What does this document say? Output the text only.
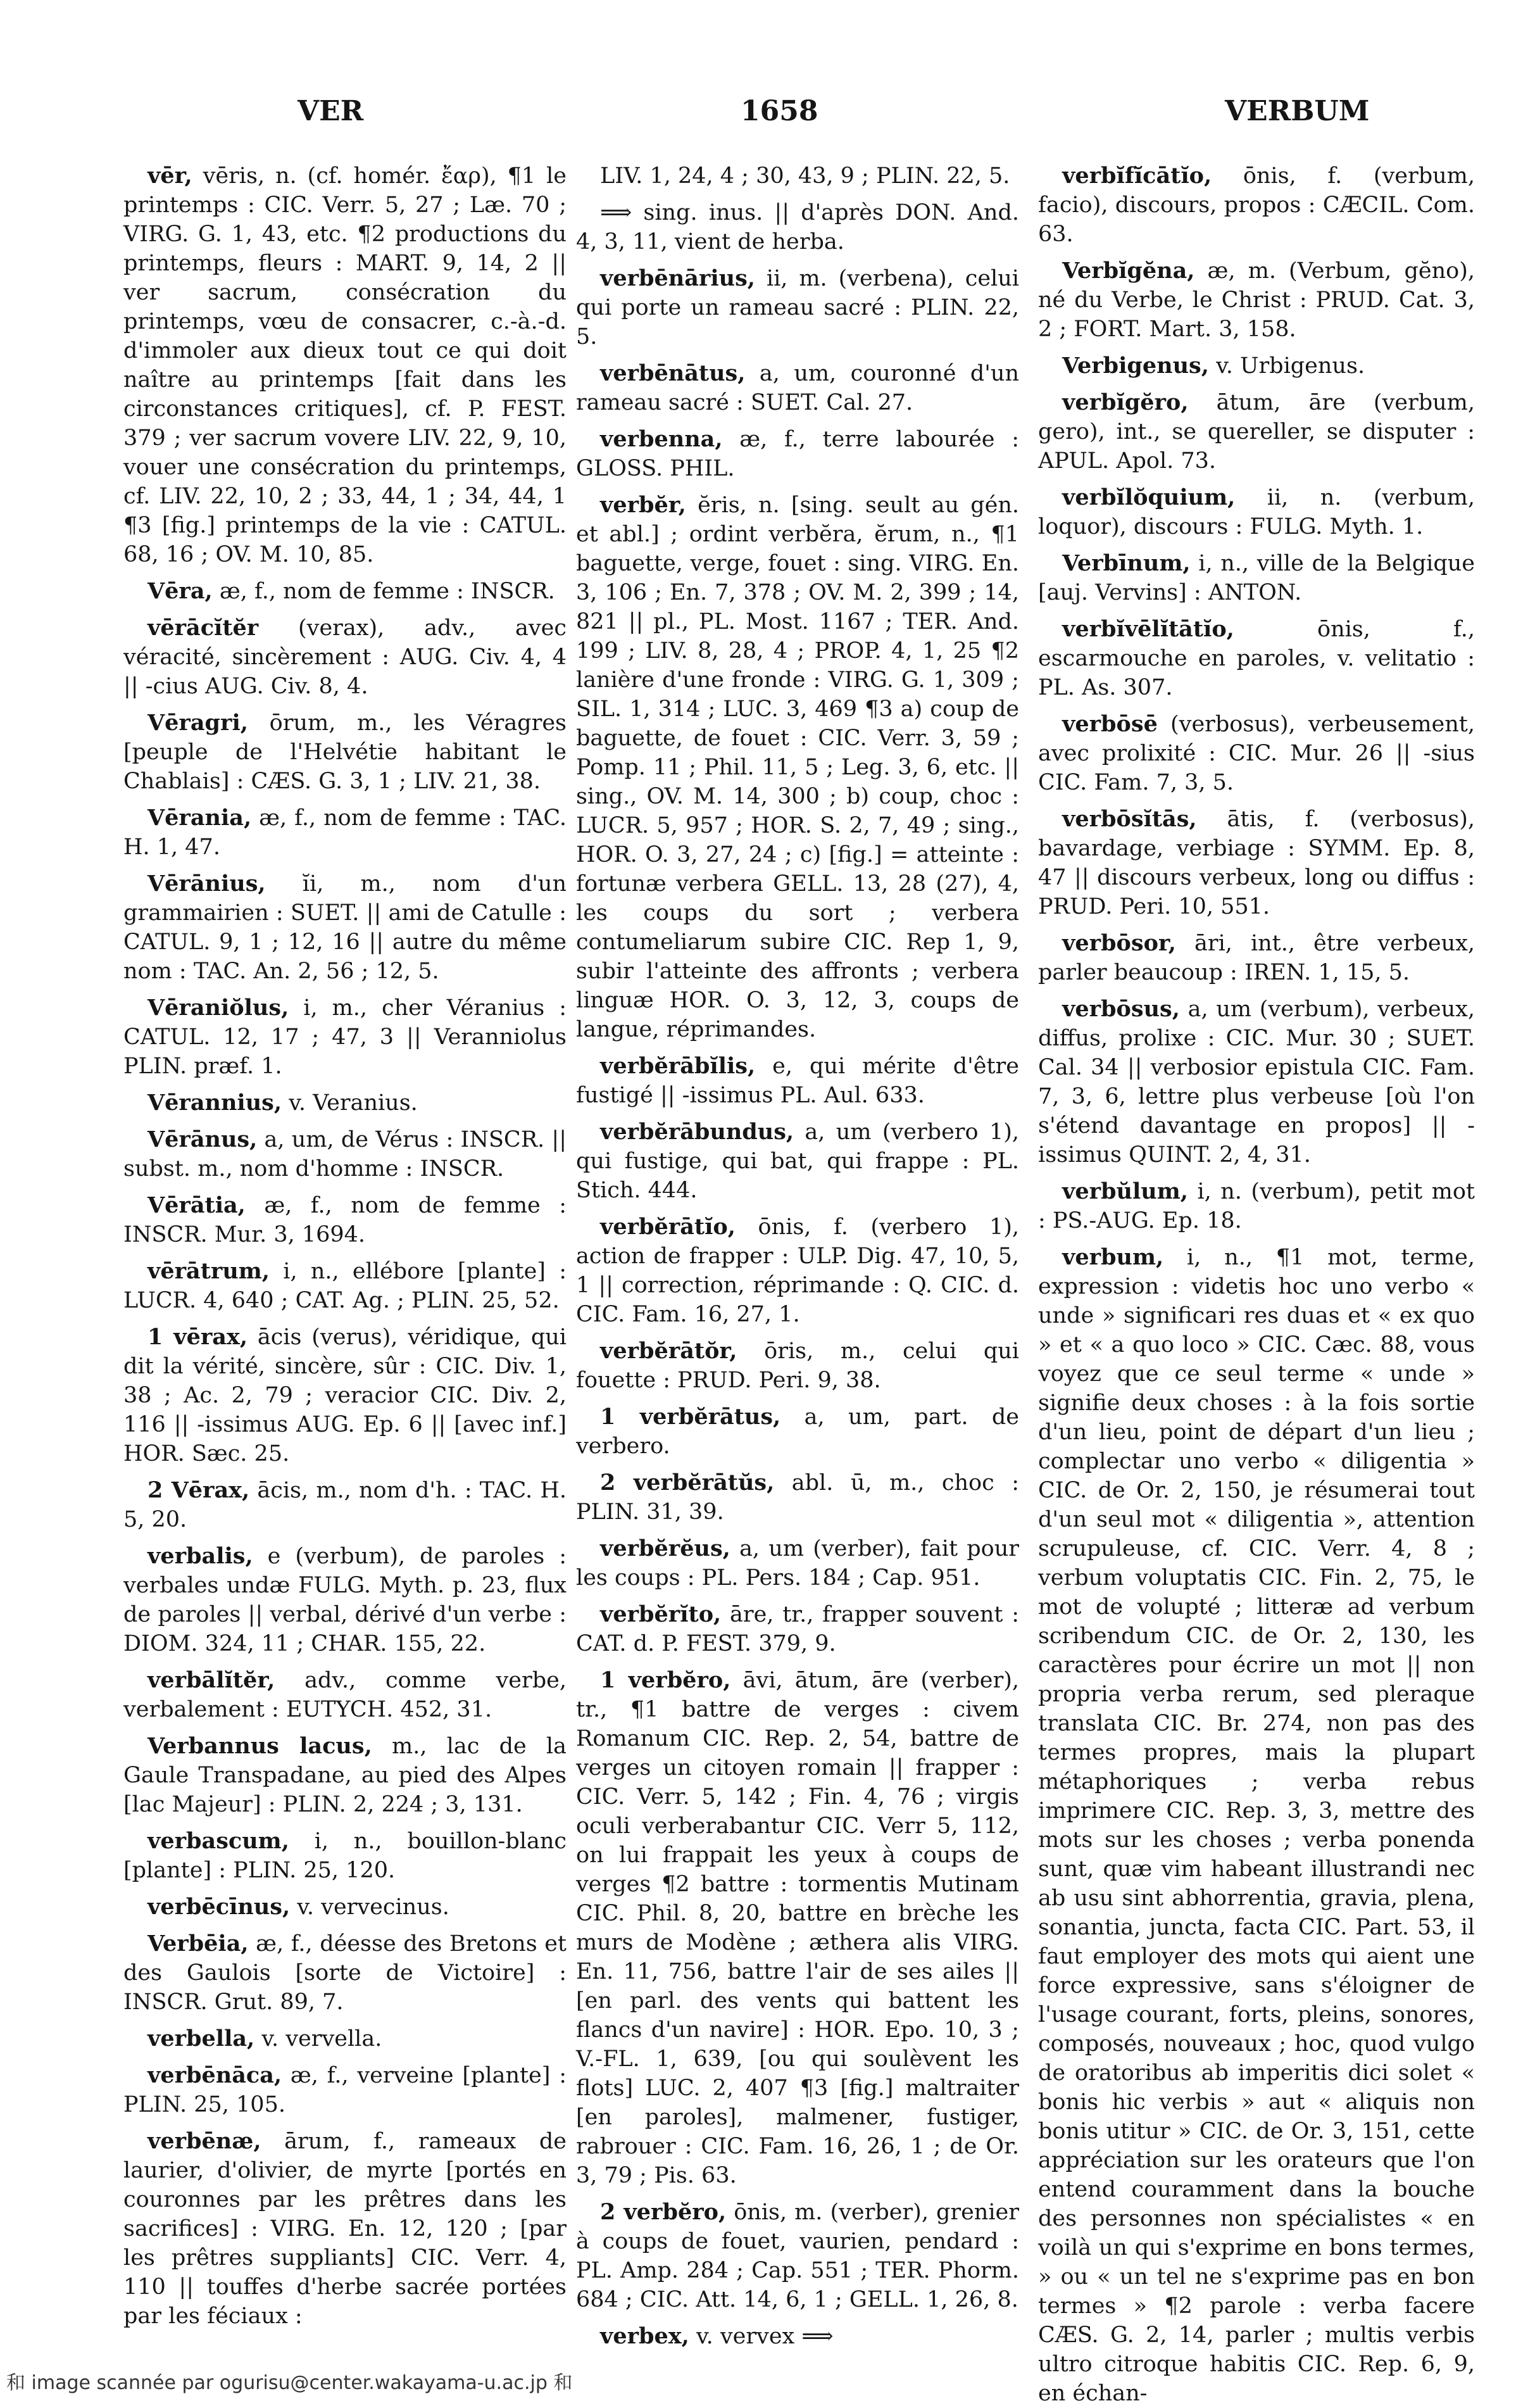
VER	1658	VERBUM

vēr, vēris, n. (cf. homér. ἔαρ), ¶1 le printemps : CIC. Verr. 5, 27 ; Læ. 70 ; VIRG. G. 1, 43, etc. ¶2 productions du printemps, fleurs : MART. 9, 14, 2 || ver sacrum, consécration du printemps, vœu de consacrer, c.-à.-d. d'immoler aux dieux tout ce qui doit naître au printemps [fait dans les circonstances critiques], cf. P. FEST. 379 ; ver sacrum vovere LIV. 22, 9, 10, vouer une consécration du printemps, cf. LIV. 22, 10, 2 ; 33, 44, 1 ; 34, 44, 1 ¶3 [fig.] printemps de la vie : CATUL. 68, 16 ; OV. M. 10, 85.

Vēra, æ, f., nom de femme : INSCR.

vērācĭtĕr (verax), adv., avec véracité, sincèrement : AUG. Civ. 4, 4 || -cius AUG. Civ. 8, 4.

Vēragri, ōrum, m., les Véragres [peuple de l'Helvétie habitant le Chablais] : CÆS. G. 3, 1 ; LIV. 21, 38.

Vērania, æ, f., nom de femme : TAC. H. 1, 47.

Vērānius, ĭi, m., nom d'un grammairien : SUET. || ami de Catulle : CATUL. 9, 1 ; 12, 16 || autre du même nom : TAC. An. 2, 56 ; 12, 5.

Vēraniŏlus, i, m., cher Véranius : CATUL. 12, 17 ; 47, 3 || Veranniolus PLIN. præf. 1.

Vērannius, v. Veranius.

Vērānus, a, um, de Vérus : INSCR. || subst. m., nom d'homme : INSCR.

Vērātia, æ, f., nom de femme : INSCR. Mur. 3, 1694.

vērātrum, i, n., ellébore [plante] : LUCR. 4, 640 ; CAT. Ag. ; PLIN. 25, 52.

1 vērax, ācis (verus), véridique, qui dit la vérité, sincère, sûr : CIC. Div. 1, 38 ; Ac. 2, 79 ; veracior CIC. Div. 2, 116 || -issimus AUG. Ep. 6 || [avec inf.] HOR. Sæc. 25.

2 Vērax, ācis, m., nom d'h. : TAC. H. 5, 20.

verbalis, e (verbum), de paroles : verbales undæ FULG. Myth. p. 23, flux de paroles || verbal, dérivé d'un verbe : DIOM. 324, 11 ; CHAR. 155, 22.

verbālĭtĕr, adv., comme verbe, verbalement : EUTYCH. 452, 31.

Verbannus lacus, m., lac de la Gaule Transpadane, au pied des Alpes [lac Majeur] : PLIN. 2, 224 ; 3, 131.

verbascum, i, n., bouillon-blanc [plante] : PLIN. 25, 120.

verbēcīnus, v. vervecinus.

Verbēia, æ, f., déesse des Bretons et des Gaulois [sorte de Victoire] : INSCR. Grut. 89, 7.

verbella, v. vervella.

verbēnāca, æ, f., verveine [plante] : PLIN. 25, 105.

verbēnæ, ārum, f., rameaux de laurier, d'olivier, de myrte [portés en couronnes par les prêtres dans les sacrifices] : VIRG. En. 12, 120 ; [par les prêtres suppliants] CIC. Verr. 4, 110 || touffes d'herbe sacrée portées par les féciaux :

LIV. 1, 24, 4 ; 30, 43, 9 ; PLIN. 22, 5.

⟹ sing. inus. || d'après DON. And. 4, 3, 11, vient de herba.

verbēnārius, ii, m. (verbena), celui qui porte un rameau sacré : PLIN. 22, 5.

verbēnātus, a, um, couronné d'un rameau sacré : SUET. Cal. 27.

verbenna, æ, f., terre labourée : GLOSS. PHIL.

verbĕr, ĕris, n. [sing. seult au gén. et abl.] ; ordint verbĕra, ĕrum, n., ¶1 baguette, verge, fouet : sing. VIRG. En. 3, 106 ; En. 7, 378 ; OV. M. 2, 399 ; 14, 821 || pl., PL. Most. 1167 ; TER. And. 199 ; LIV. 8, 28, 4 ; PROP. 4, 1, 25 ¶2 lanière d'une fronde : VIRG. G. 1, 309 ; SIL. 1, 314 ; LUC. 3, 469 ¶3 a) coup de baguette, de fouet : CIC. Verr. 3, 59 ; Pomp. 11 ; Phil. 11, 5 ; Leg. 3, 6, etc. || sing., OV. M. 14, 300 ; b) coup, choc : LUCR. 5, 957 ; HOR. S. 2, 7, 49 ; sing., HOR. O. 3, 27, 24 ; c) [fig.] = atteinte : fortunæ verbera GELL. 13, 28 (27), 4, les coups du sort ; verbera contumeliarum subire CIC. Rep 1, 9, subir l'atteinte des affronts ; verbera linguæ HOR. O. 3, 12, 3, coups de langue, réprimandes.

verbĕrābĭlis, e, qui mérite d'être fustigé || -issimus PL. Aul. 633.

verbĕrābundus, a, um (verbero 1), qui fustige, qui bat, qui frappe : PL. Stich. 444.

verbĕrātĭo, ōnis, f. (verbero 1), action de frapper : ULP. Dig. 47, 10, 5, 1 || correction, réprimande : Q. CIC. d. CIC. Fam. 16, 27, 1.

verbĕrātŏr, ōris, m., celui qui fouette : PRUD. Peri. 9, 38.

1 verbĕrātus, a, um, part. de verbero.

2 verbĕrātŭs, abl. ū, m., choc : PLIN. 31, 39.

verbĕrĕus, a, um (verber), fait pour les coups : PL. Pers. 184 ; Cap. 951.

verbĕrĭto, āre, tr., frapper souvent : CAT. d. P. FEST. 379, 9.

1 verbĕro, āvi, ātum, āre (verber), tr., ¶1 battre de verges : civem Romanum CIC. Rep. 2, 54, battre de verges un citoyen romain || frapper : CIC. Verr. 5, 142 ; Fin. 4, 76 ; virgis oculi verberabantur CIC. Verr 5, 112, on lui frappait les yeux à coups de verges ¶2 battre : tormentis Mutinam CIC. Phil. 8, 20, battre en brèche les murs de Modène ; æthera alis VIRG. En. 11, 756, battre l'air de ses ailes || [en parl. des vents qui battent les flancs d'un navire] : HOR. Epo. 10, 3 ; V.-FL. 1, 639, [ou qui soulèvent les flots] LUC. 2, 407 ¶3 [fig.] maltraiter [en paroles], malmener, fustiger, rabrouer : CIC. Fam. 16, 26, 1 ; de Or. 3, 79 ; Pis. 63.

2 verbĕro, ōnis, m. (verber), grenier à coups de fouet, vaurien, pendard : PL. Amp. 284 ; Cap. 551 ; TER. Phorm. 684 ; CIC. Att. 14, 6, 1 ; GELL. 1, 26, 8.

verbex, v. vervex ⟹

verbĭfĭcātĭo, ōnis, f. (verbum, facio), discours, propos : CÆCIL. Com. 63.

Verbĭgĕna, æ, m. (Verbum, gĕno), né du Verbe, le Christ : PRUD. Cat. 3, 2 ; FORT. Mart. 3, 158.

Verbigenus, v. Urbigenus.

verbĭgĕro, ātum, āre (verbum, gero), int., se quereller, se disputer : APUL. Apol. 73.

verbĭlŏquium, ii, n. (verbum, loquor), discours : FULG. Myth. 1.

Verbīnum, i, n., ville de la Belgique [auj. Vervins] : ANTON.

verbĭvēlĭtātĭo, ōnis, f., escarmouche en paroles, v. velitatio : PL. As. 307.

verbōsē (verbosus), verbeusement, avec prolixité : CIC. Mur. 26 || -sius CIC. Fam. 7, 3, 5.

verbōsĭtās, ātis, f. (verbosus), bavardage, verbiage : SYMM. Ep. 8, 47 || discours verbeux, long ou diffus : PRUD. Peri. 10, 551.

verbōsor, āri, int., être verbeux, parler beaucoup : IREN. 1, 15, 5.

verbōsus, a, um (verbum), verbeux, diffus, prolixe : CIC. Mur. 30 ; SUET. Cal. 34 || verbosior epistula CIC. Fam. 7, 3, 6, lettre plus verbeuse [où l'on s'étend davantage en propos] || -issimus QUINT. 2, 4, 31.

verbŭlum, i, n. (verbum), petit mot : PS.-AUG. Ep. 18.

verbum, i, n., ¶1 mot, terme, expression : videtis hoc uno verbo « unde » significari res duas et « ex quo » et « a quo loco » CIC. Cæc. 88, vous voyez que ce seul terme « unde » signifie deux choses : à la fois sortie d'un lieu, point de départ d'un lieu ; complectar uno verbo « diligentia » CIC. de Or. 2, 150, je résumerai tout d'un seul mot « diligentia », attention scrupuleuse, cf. CIC. Verr. 4, 8 ; verbum voluptatis CIC. Fin. 2, 75, le mot de volupté ; litteræ ad verbum scribendum CIC. de Or. 2, 130, les caractères pour écrire un mot || non propria verba rerum, sed pleraque translata CIC. Br. 274, non pas des termes propres, mais la plupart métaphoriques ; verba rebus imprimere CIC. Rep. 3, 3, mettre des mots sur les choses ; verba ponenda sunt, quæ vim habeant illustrandi nec ab usu sint abhorrentia, gravia, plena, sonantia, juncta, facta CIC. Part. 53, il faut employer des mots qui aient une force expressive, sans s'éloigner de l'usage courant, forts, pleins, sonores, composés, nouveaux ; hoc, quod vulgo de oratoribus ab imperitis dici solet « bonis hic verbis » aut « aliquis non bonis utitur » CIC. de Or. 3, 151, cette appréciation sur les orateurs que l'on entend couramment dans la bouche des personnes non spécialistes « en voilà un qui s'exprime en bons termes, » ou « un tel ne s'exprime pas en bon termes » ¶2 parole : verba facere CÆS. G. 2, 14, parler ; multis verbis ultro citroque habitis CIC. Rep. 6, 9, en échan-

和 image scannée par ogurisu@center.wakayama-u.ac.jp 和
